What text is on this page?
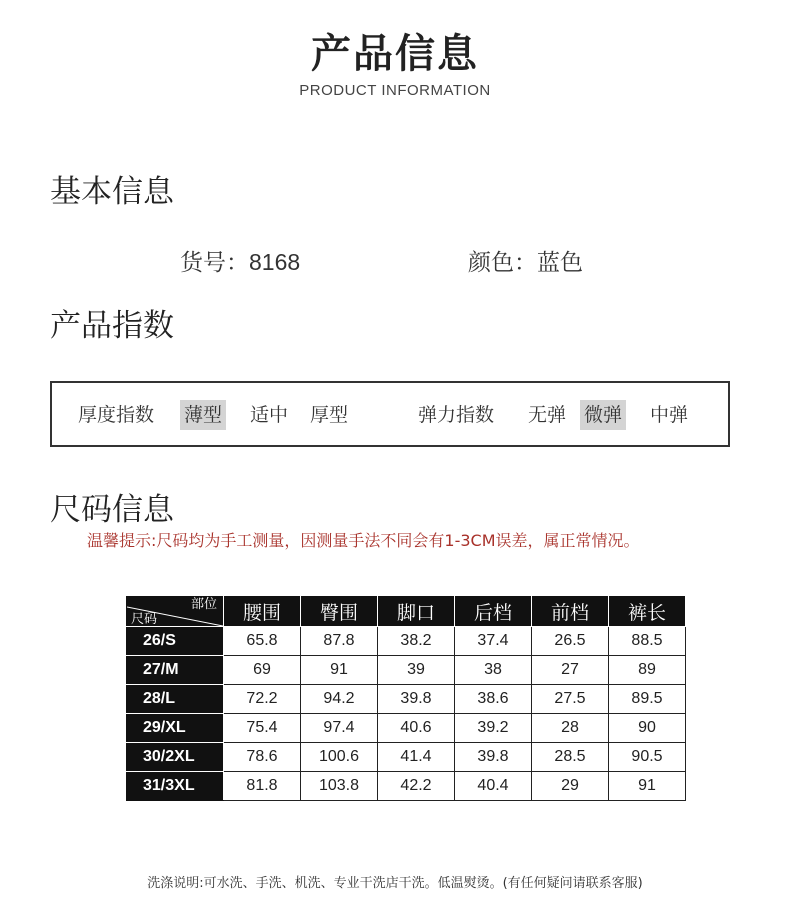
产品信息
PRODUCT INFORMATION
基本信息
货号：8168	颜色：蓝色
产品指数
厚度指数 薄型 适中 厚型	弹力指数 无弹 微弹 中弹
尺码信息
温馨提示:尺码均为手工测量，因测量手法不同会有1-3CM误差，属正常情况。
部位
尺码	腰围	臀围	脚口	后档	前档	裤长
26/S	65.8	87.8	38.2	37.4	26.5	88.5
27/M	69	91	39	38	27	89
28/L	72.2	94.2	39.8	38.6	27.5	89.5
29/XL	75.4	97.4	40.6	39.2	28	90
30/2XL	78.6	100.6	41.4	39.8	28.5	90.5
31/3XL	81.8	103.8	42.2	40.4	29	91
洗涤说明:可水洗、手洗、机洗、专业干洗店干洗。低温熨烫。(有任何疑问请联系客服)
